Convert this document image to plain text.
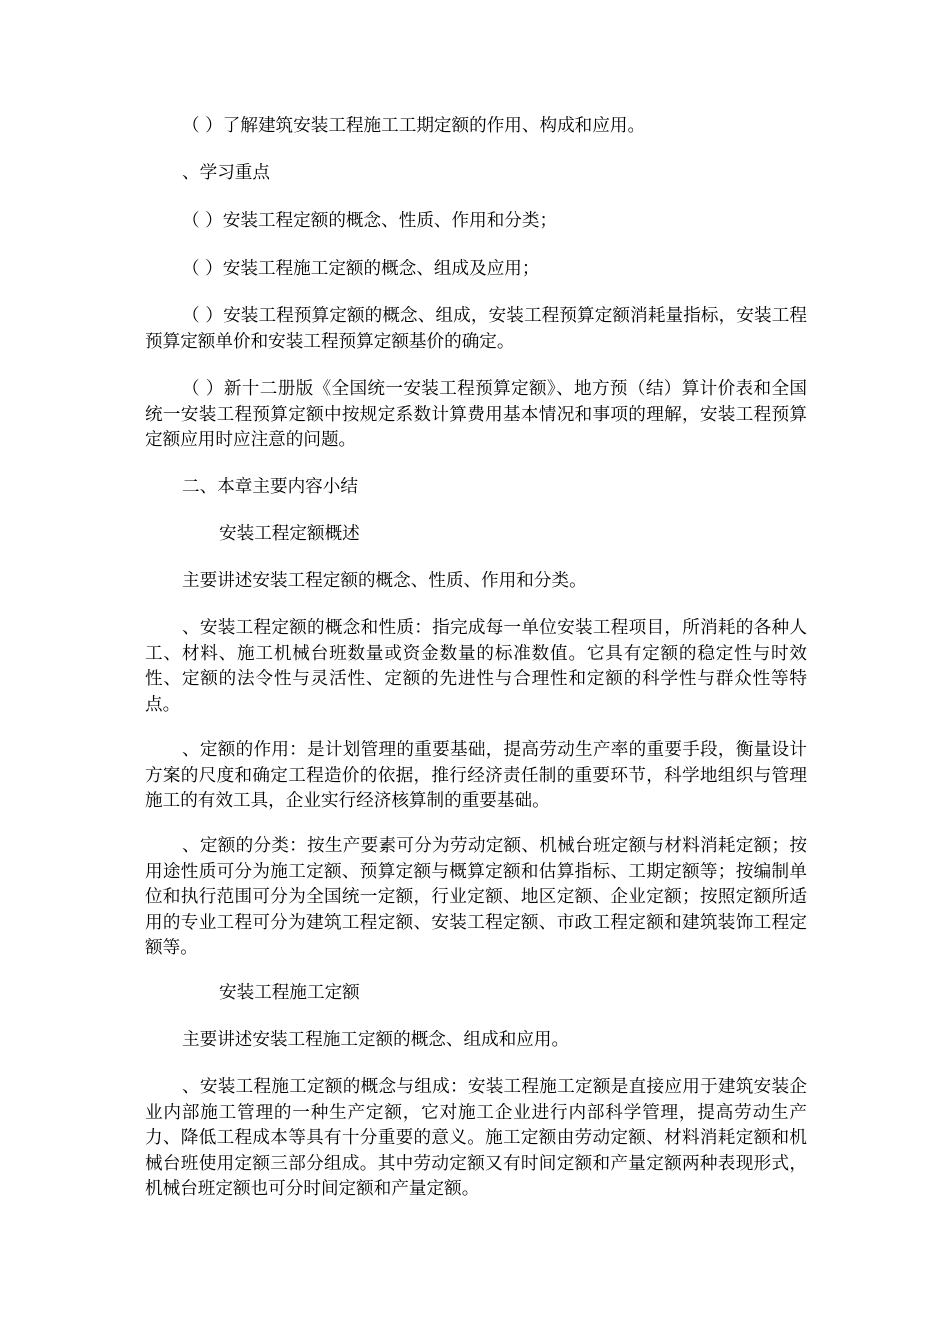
（ ）了解建筑安装工程施工工期定额的作用、构成和应用。

、学习重点

（ ）安装工程定额的概念、性质、作用和分类；

（ ）安装工程施工定额的概念、组成及应用；

（ ）安装工程预算定额的概念、组成，安装工程预算定额消耗量指标，安装工程预算定额单价和安装工程预算定额基价的确定。

（ ）新十二册版《全国统一安装工程预算定额》、地方预（结）算计价表和全国统一安装工程预算定额中按规定系数计算费用基本情况和事项的理解，安装工程预算定额应用时应注意的问题。

二、本章主要内容小结

安装工程定额概述

主要讲述安装工程定额的概念、性质、作用和分类。

、安装工程定额的概念和性质：指完成每一单位安装工程项目，所消耗的各种人工、材料、施工机械台班数量或资金数量的标准数值。它具有定额的稳定性与时效性、定额的法令性与灵活性、定额的先进性与合理性和定额的科学性与群众性等特点。

、定额的作用：是计划管理的重要基础，提高劳动生产率的重要手段，衡量设计方案的尺度和确定工程造价的依据，推行经济责任制的重要环节，科学地组织与管理施工的有效工具，企业实行经济核算制的重要基础。

、定额的分类：按生产要素可分为劳动定额、机械台班定额与材料消耗定额；按用途性质可分为施工定额、预算定额与概算定额和估算指标、工期定额等；按编制单位和执行范围可分为全国统一定额，行业定额、地区定额、企业定额；按照定额所适用的专业工程可分为建筑工程定额、安装工程定额、市政工程定额和建筑装饰工程定额等。

安装工程施工定额

主要讲述安装工程施工定额的概念、组成和应用。

、安装工程施工定额的概念与组成：安装工程施工定额是直接应用于建筑安装企业内部施工管理的一种生产定额，它对施工企业进行内部科学管理，提高劳动生产力、降低工程成本等具有十分重要的意义。施工定额由劳动定额、材料消耗定额和机械台班使用定额三部分组成。其中劳动定额又有时间定额和产量定额两种表现形式，机械台班定额也可分时间定额和产量定额。
